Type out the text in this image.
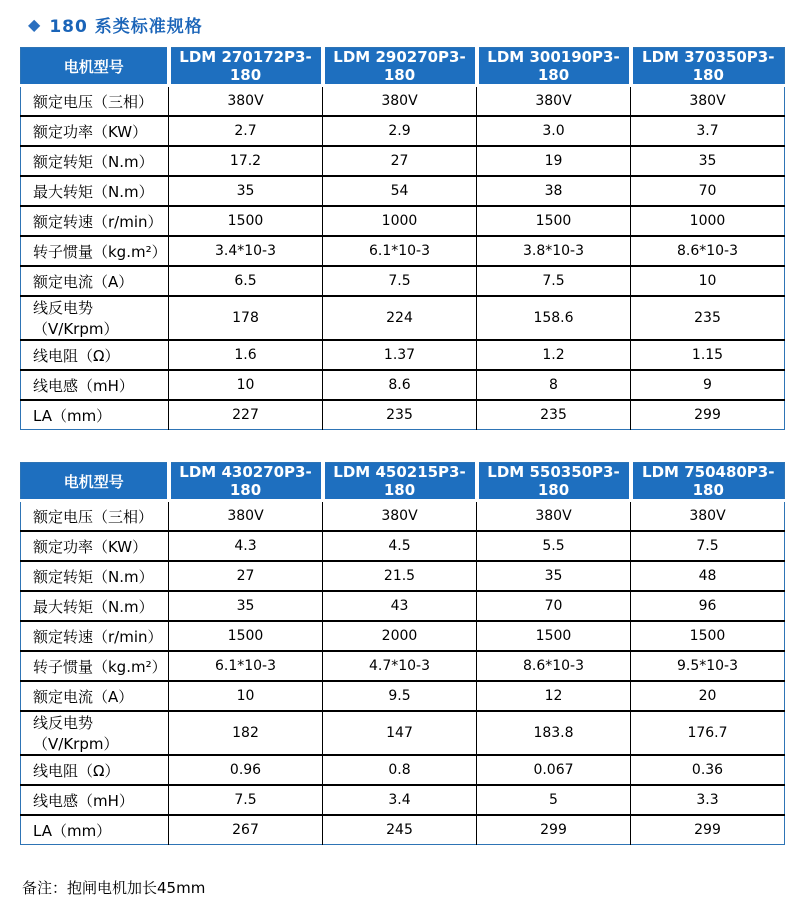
◆ 180 系类标准规格
电机型号	LDM 270172P3-180	LDM 290270P3-180	LDM 300190P3-180	LDM 370350P3-180
额定电压（三相）	380V	380V	380V	380V
额定功率（KW）	2.7	2.9	3.0	3.7
额定转矩（N.m）	17.2	27	19	35
最大转矩（N.m）	35	54	38	70
额定转速（r/min）	1500	1000	1500	1000
转子惯量（kg.m²）	3.4*10-3	6.1*10-3	3.8*10-3	8.6*10-3
额定电流（A）	6.5	7.5	7.5	10
线反电势（V/Krpm）	178	224	158.6	235
线电阻（Ω）	1.6	1.37	1.2	1.15
线电感（mH）	10	8.6	8	9
LA（mm）	227	235	235	299
电机型号	LDM 430270P3-180	LDM 450215P3-180	LDM 550350P3-180	LDM 750480P3-180
额定电压（三相）	380V	380V	380V	380V
额定功率（KW）	4.3	4.5	5.5	7.5
额定转矩（N.m）	27	21.5	35	48
最大转矩（N.m）	35	43	70	96
额定转速（r/min）	1500	2000	1500	1500
转子惯量（kg.m²）	6.1*10-3	4.7*10-3	8.6*10-3	9.5*10-3
额定电流（A）	10	9.5	12	20
线反电势（V/Krpm）	182	147	183.8	176.7
线电阻（Ω）	0.96	0.8	0.067	0.36
线电感（mH）	7.5	3.4	5	3.3
LA（mm）	267	245	299	299
备注：抱闸电机加长45mm
